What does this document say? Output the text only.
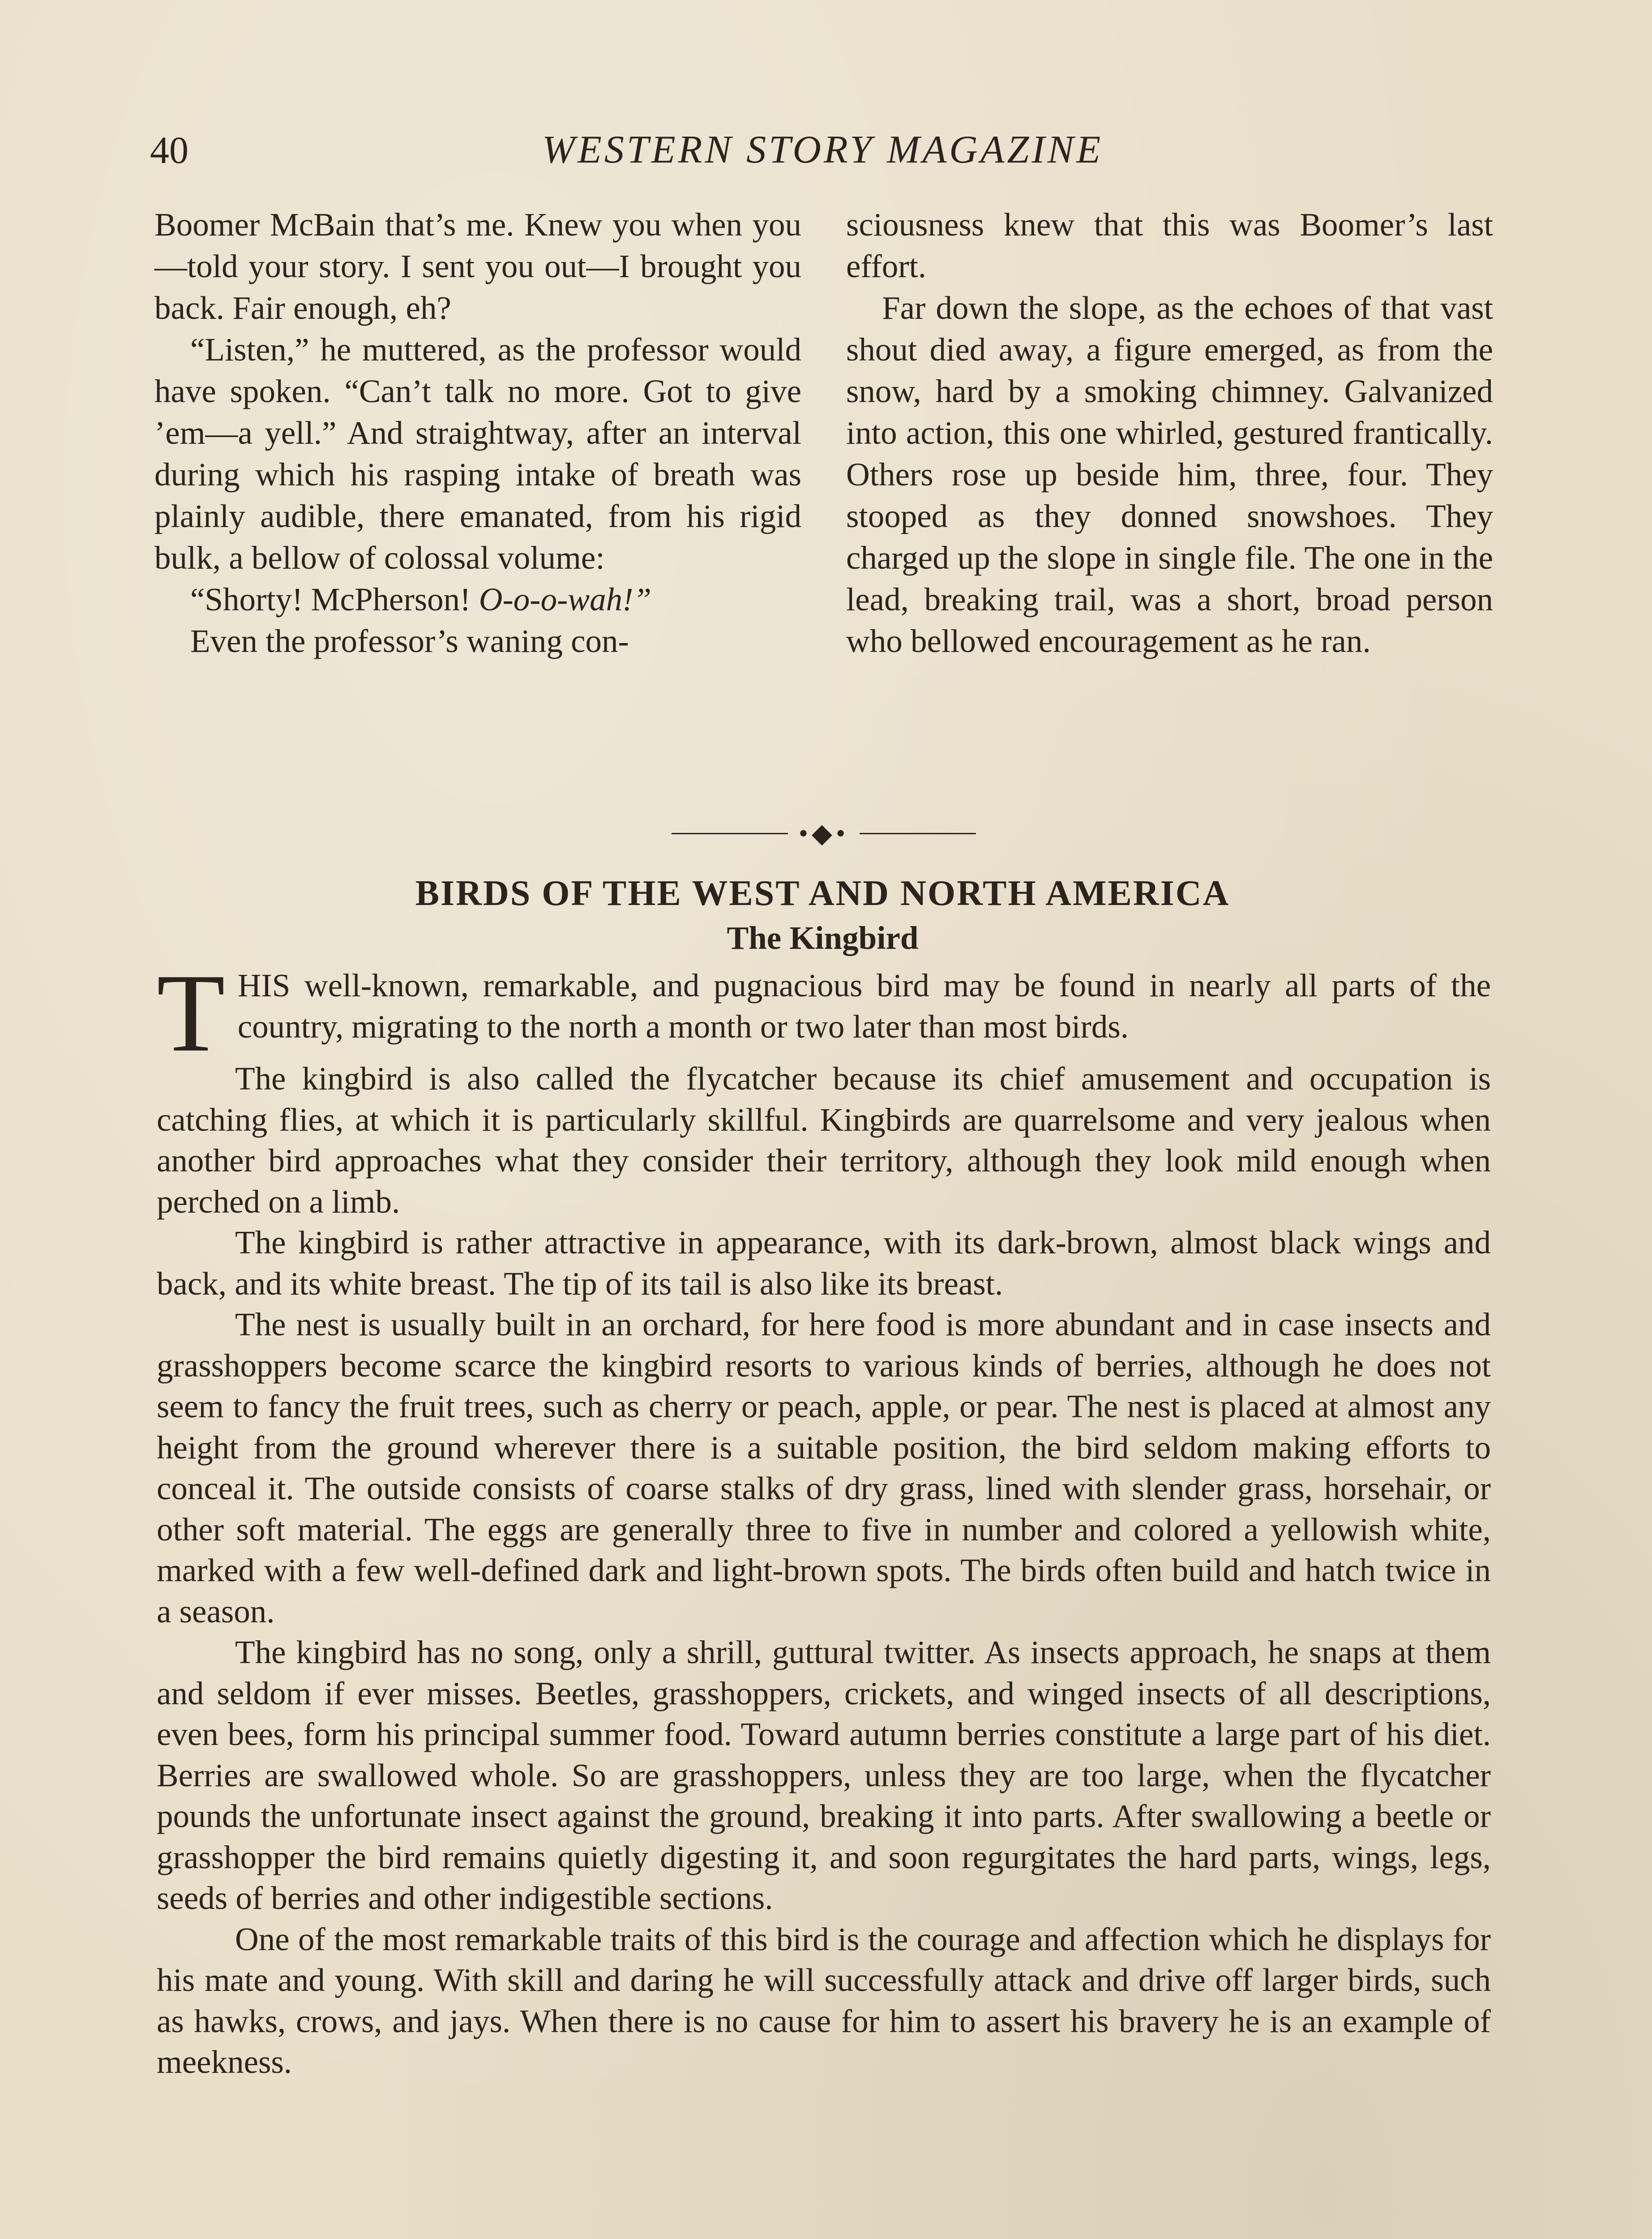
40	WESTERN STORY MAGAZINE

Boomer McBain that’s me. Knew you when you—told your story. I sent you out—I brought you back. Fair enough, eh?

“Listen,” he muttered, as the professor would have spoken. “Can’t talk no more. Got to give ’em—a yell.” And straightway, after an interval during which his rasping intake of breath was plainly audible, there emanated, from his rigid bulk, a bellow of colossal volume:

“Shorty! McPherson! O-o-o-wah!”

Even the professor’s waning con-

sciousness knew that this was Boomer’s last effort.

Far down the slope, as the echoes of that vast shout died away, a figure emerged, as from the snow, hard by a smoking chimney. Galvanized into action, this one whirled, gestured frantically. Others rose up beside him, three, four. They stooped as they donned snowshoes. They charged up the slope in single file. The one in the lead, breaking trail, was a short, broad person who bellowed encouragement as he ran.

•◆•
BIRDS OF THE WEST AND NORTH AMERICA
The Kingbird

THIS well-known, remarkable, and pugnacious bird may be found in nearly all parts of the country, migrating to the north a month or two later than most birds.

The kingbird is also called the flycatcher because its chief amusement and occupation is catching flies, at which it is particularly skillful. Kingbirds are quarrelsome and very jealous when another bird approaches what they consider their territory, although they look mild enough when perched on a limb.

The kingbird is rather attractive in appearance, with its dark-brown, almost black wings and back, and its white breast. The tip of its tail is also like its breast.

The nest is usually built in an orchard, for here food is more abundant and in case insects and grasshoppers become scarce the kingbird resorts to various kinds of berries, although he does not seem to fancy the fruit trees, such as cherry or peach, apple, or pear. The nest is placed at almost any height from the ground wherever there is a suitable position, the bird seldom making efforts to conceal it. The outside consists of coarse stalks of dry grass, lined with slender grass, horsehair, or other soft material. The eggs are generally three to five in number and colored a yellowish white, marked with a few well-defined dark and light-brown spots. The birds often build and hatch twice in a season.

The kingbird has no song, only a shrill, guttural twitter. As insects approach, he snaps at them and seldom if ever misses. Beetles, grasshoppers, crickets, and winged insects of all descriptions, even bees, form his principal summer food. Toward autumn berries constitute a large part of his diet. Berries are swallowed whole. So are grasshoppers, unless they are too large, when the flycatcher pounds the unfortunate insect against the ground, breaking it into parts. After swallowing a beetle or grasshopper the bird remains quietly digesting it, and soon regurgitates the hard parts, wings, legs, seeds of berries and other indigestible sections.

One of the most remarkable traits of this bird is the courage and affection which he displays for his mate and young. With skill and daring he will successfully attack and drive off larger birds, such as hawks, crows, and jays. When there is no cause for him to assert his bravery he is an example of meekness.
